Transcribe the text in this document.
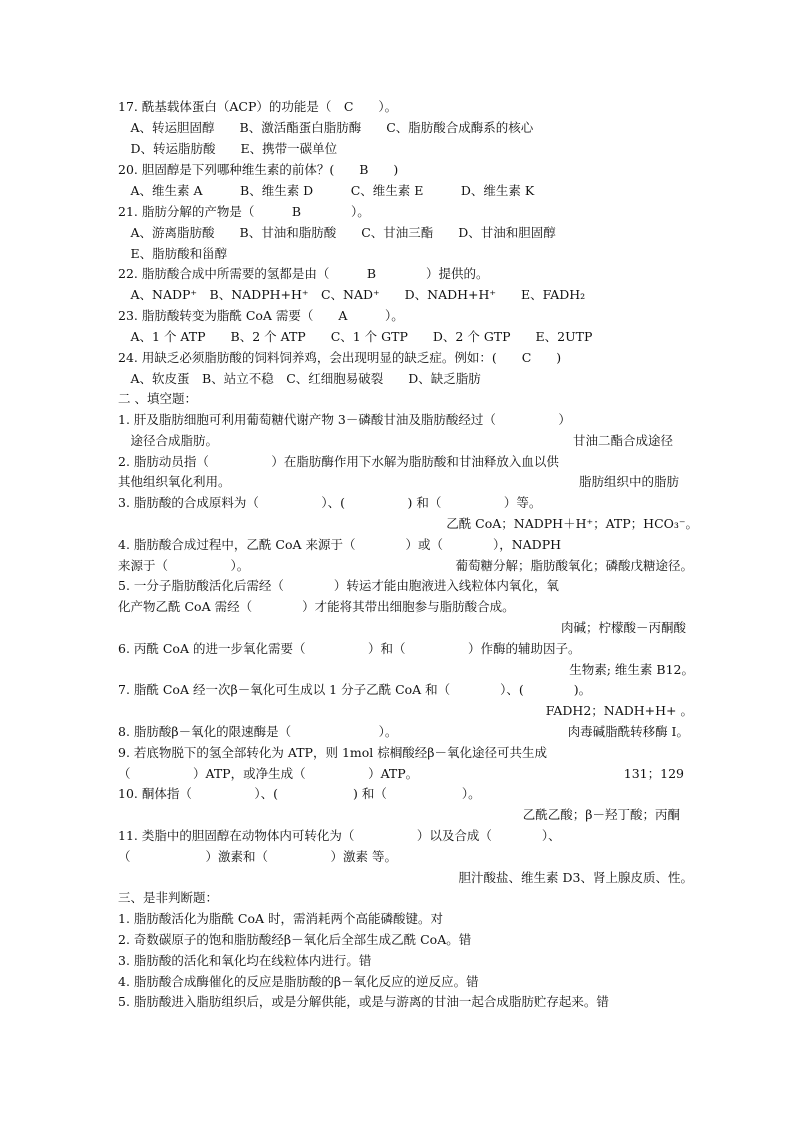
17. 酰基载体蛋白（ACP）的功能是（　C　　）。
　A、转运胆固醇　　B、激活酯蛋白脂肪酶　　C、脂肪酸合成酶系的核心
　D、转运脂肪酸　　E、携带一碳单位
20. 胆固醇是下列哪种维生素的前体？(　　B　　)
　A、维生素 A　　　B、维生素 D　　　C、维生素 E　　　D、维生素 K
21. 脂肪分解的产物是（　　　B　　　　）。
　A、游离脂肪酸　　B、甘油和脂肪酸　　C、甘油三酯　　D、甘油和胆固醇
　E、脂肪酸和甾醇
22. 脂肪酸合成中所需要的氢都是由（　　　B　　　　）提供的。
　A、NADP⁺　B、NADPH+H⁺　C、NAD⁺　　D、NADH+H⁺　　E、FADH₂
23. 脂肪酸转变为脂酰 CoA 需要（　　A　　　）。
　A、1 个 ATP　　B、2 个 ATP　　C、1 个 GTP　　D、2 个 GTP　　E、2UTP
24. 用缺乏必须脂肪酸的饲料饲养鸡，会出现明显的缺乏症。例如：(　　C　　)
　A、软皮蛋　B、站立不稳　C、红细胞易破裂　　D、缺乏脂肪
二 、填空题：
1. 肝及脂肪细胞可利用葡萄糖代谢产物 3－磷酸甘油及脂肪酸经过（　　　　　）
　途径合成脂肪。	甘油二酯合成途径
2. 脂肪动员指（　　　　　）在脂肪酶作用下水解为脂肪酸和甘油释放入血以供
其他组织氧化利用。	脂肪组织中的脂肪
3. 脂肪酸的合成原料为（　　　　　）、(　　　　　) 和（　　　　　）等。
乙酰 CoA；NADPH＋H⁺；ATP；HCO₃⁻。
4. 脂肪酸合成过程中，乙酰 CoA 来源于（　　　　）或（　　　　），NADPH
来源于（　　　　　）。	葡萄糖分解；脂肪酸氧化；磷酸戊糖途径。
5. 一分子脂肪酸活化后需经（　　　　）转运才能由胞液进入线粒体内氧化，氧
化产物乙酰 CoA 需经（　　　　）才能将其带出细胞参与脂肪酸合成。
肉碱；柠檬酸－丙酮酸
6. 丙酰 CoA 的进一步氧化需要（　　　　　）和（　　　　　）作酶的辅助因子。
生物素; 维生素 B12。
7. 脂酰 CoA 经一次β－氧化可生成以 1 分子乙酰 CoA 和（　　　　）、(　　　　)。
FADH2；NADH+H+ 。
8. 脂肪酸β－氧化的限速酶是（　　　　　　　）。	肉毒碱脂酰转移酶 I。
9. 若底物脱下的氢全部转化为 ATP，则 1mol 棕榈酸经β－氧化途径可共生成
（　　　　　）ATP，或净生成（　　　　　）ATP。	131；129
10. 酮体指（　　　　　）、(　　　　　　) 和（　　　　　　）。
乙酰乙酸；β－羟丁酸；丙酮
11. 类脂中的胆固醇在动物体内可转化为（　　　　　）以及合成（　　　　）、
（　　　　　　）激素和（　　　　　）激素 等。
胆汁酸盐、维生素 D3、肾上腺皮质、性。
三、是非判断题：
1. 脂肪酸活化为脂酰 CoA 时，需消耗两个高能磷酸键。对
2. 奇数碳原子的饱和脂肪酸经β－氧化后全部生成乙酰 CoA。错
3. 脂肪酸的活化和氧化均在线粒体内进行。错
4. 脂肪酸合成酶催化的反应是脂肪酸的β－氧化反应的逆反应。错
5. 脂肪酸进入脂肪组织后，或是分解供能，或是与游离的甘油一起合成脂肪贮存起来。错
